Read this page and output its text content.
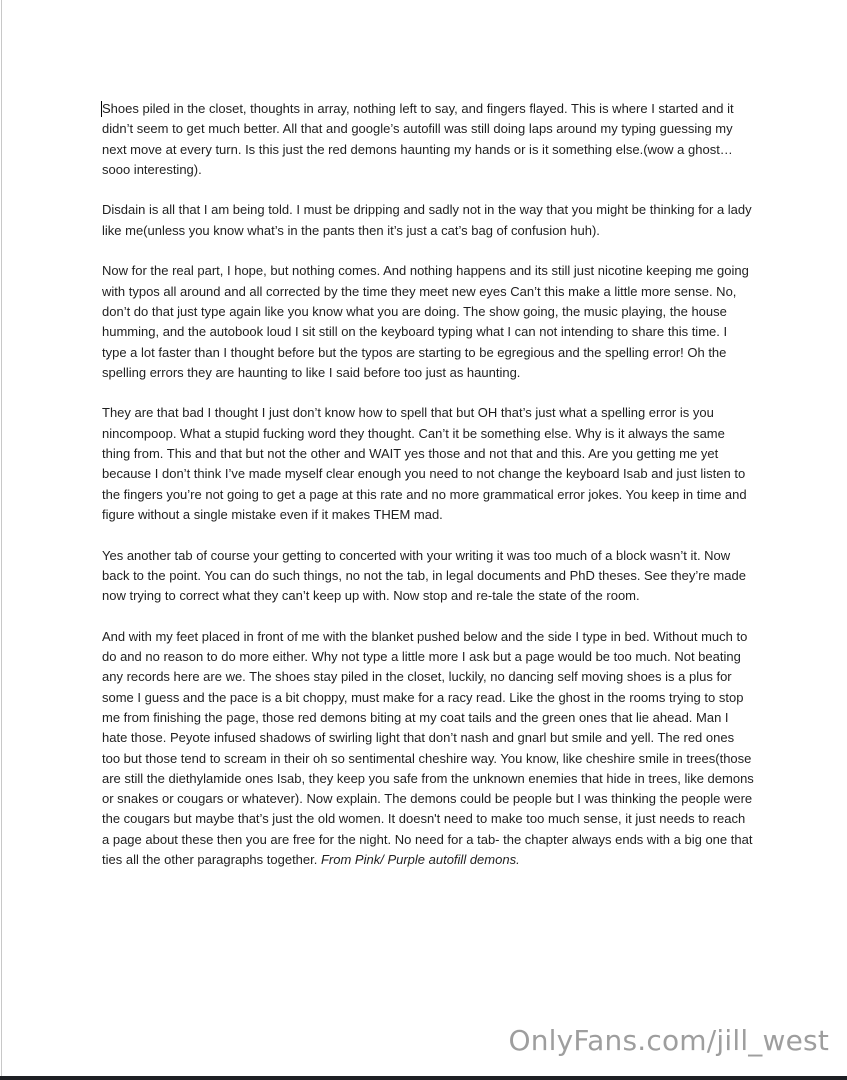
Shoes piled in the closet, thoughts in array, nothing left to say, and fingers flayed. This is where I started and it didn’t seem to get much better. All that and google’s autofill was still doing laps around my typing guessing my next move at every turn. Is this just the red demons haunting my hands or is it something else.(wow a ghost… sooo interesting).

Disdain is all that I am being told. I must be dripping and sadly not in the way that you might be thinking for a lady like me(unless you know what’s in the pants then it’s just a cat’s bag of confusion huh).

Now for the real part, I hope, but nothing comes. And nothing happens and its still just nicotine keeping me going with typos all around and all corrected by the time they meet new eyes Can’t this make a little more sense. No, don’t do that just type again like you know what you are doing. The show going, the music playing, the house humming, and the autobook loud I sit still on the keyboard typing what I can not intending to share this time. I type a lot faster than I thought before but the typos are starting to be egregious and the spelling error! Oh the spelling errors they are haunting to like I said before too just as haunting.

They are that bad I thought I just don’t know how to spell that but OH that’s just what a spelling error is you nincompoop. What a stupid fucking word they thought. Can’t it be something else. Why is it always the same thing from. This and that but not the other and WAIT yes those and not that and this. Are you getting me yet because I don’t think I’ve made myself clear enough you need to not change the keyboard Isab and just listen to the fingers you’re not going to get a page at this rate and no more grammatical error jokes. You keep in time and figure without a single mistake even if it makes THEM mad.

Yes another tab of course your getting to concerted with your writing it was too much of a block wasn’t it. Now back to the point. You can do such things, no not the tab, in legal documents and PhD theses. See they’re made now trying to correct what they can’t keep up with. Now stop and re-tale the state of the room.

And with my feet placed in front of me with the blanket pushed below and the side I type in bed. Without much to do and no reason to do more either. Why not type a little more I ask but a page would be too much. Not beating any records here are we. The shoes stay piled in the closet, luckily, no dancing self moving shoes is a plus for some I guess and the pace is a bit choppy, must make for a racy read. Like the ghost in the rooms trying to stop me from finishing the page, those red demons biting at my coat tails and the green ones that lie ahead. Man I hate those. Peyote infused shadows of swirling light that don’t nash and gnarl but smile and yell. The red ones too but those tend to scream in their oh so sentimental cheshire way. You know, like cheshire smile in trees(those are still the diethylamide ones Isab, they keep you safe from the unknown enemies that hide in trees, like demons or snakes or cougars or whatever). Now explain. The demons could be people but I was thinking the people were the cougars but maybe that’s just the old women. It doesn't need to make too much sense, it just needs to reach a page about these then you are free for the night. No need for a tab- the chapter always ends with a big one that ties all the other paragraphs together. From Pink/ Purple autofill demons.

OnlyFans.com/jill_west
